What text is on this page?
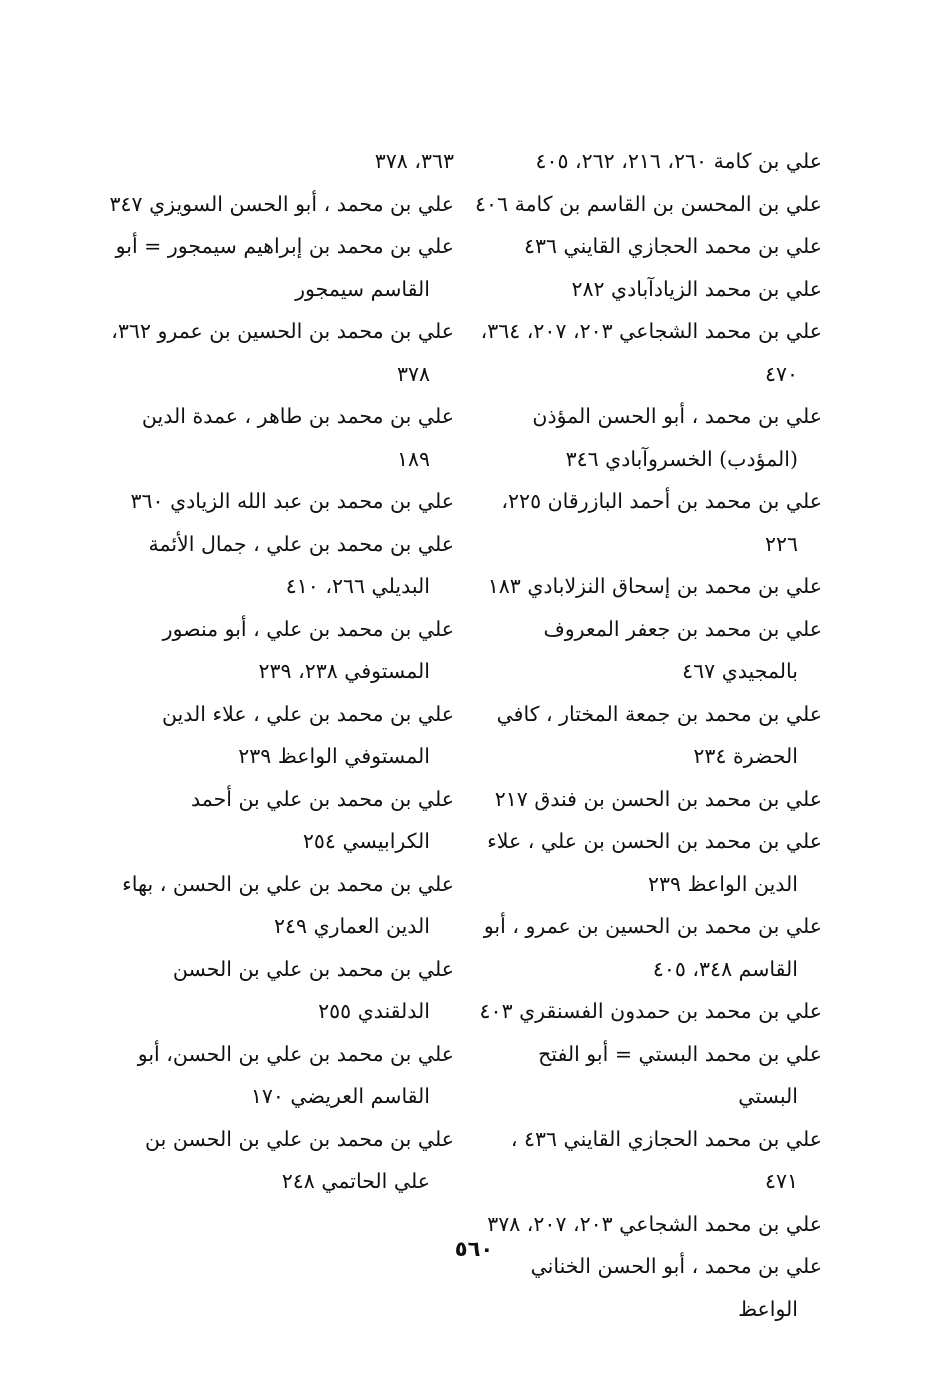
علي بن كامة ٢٦٠، ٢١٦، ٢٦٢، ٤٠٥
علي بن المحسن بن القاسم بن كامة ٤٠٦
علي بن محمد الحجازي القايني ٤٣٦
علي بن محمد الزيادآبادي ٢٨٢
علي بن محمد الشجاعي ٢٠٣، ٢٠٧، ٣٦٤، ٤٧٠
علي بن محمد ، أبو الحسن المؤذن (المؤدب) الخسروآبادي ٣٤٦
علي بن محمد بن أحمد البازرقان ٢٢٥، ٢٢٦
علي بن محمد بن إسحاق النزلابادي ١٨٣
علي بن محمد بن جعفر المعروف بالمجيدي ٤٦٧
علي بن محمد بن جمعة المختار ، كافي الحضرة ٢٣٤
علي بن محمد بن الحسن بن فندق ٢١٧
علي بن محمد بن الحسن بن علي ، علاء الدين الواعظ ٢٣٩
علي بن محمد بن الحسين بن عمرو ، أبو القاسم ٣٤٨، ٤٠٥
علي بن محمد بن حمدون الفسنقري ٤٠٣
علي بن محمد البستي = أبو الفتح البستي
علي بن محمد الحجازي القايني ٤٣٦ ، ٤٧١
علي بن محمد الشجاعي ٢٠٣، ٢٠٧، ٣٧٨
علي بن محمد ، أبو الحسن الخناني الواعظ
٣٦٣، ٣٧٨
علي بن محمد ، أبو الحسن السويزي ٣٤٧
علي بن محمد بن إبراهيم سيمجور = أبو القاسم سيمجور
علي بن محمد بن الحسين بن عمرو ٣٦٢، ٣٧٨
علي بن محمد بن طاهر ، عمدة الدين ١٨٩
علي بن محمد بن عبد الله الزيادي ٣٦٠
علي بن محمد بن علي ، جمال الأئمة البديلي ٢٦٦، ٤١٠
علي بن محمد بن علي ، أبو منصور المستوفي ٢٣٨، ٢٣٩
علي بن محمد بن علي ، علاء الدين المستوفي الواعظ ٢٣٩
علي بن محمد بن علي بن أحمد الكرابيسي ٢٥٤
علي بن محمد بن علي بن الحسن ، بهاء الدين العماري ٢٤٩
علي بن محمد بن علي بن الحسن الدلقندي ٢٥٥
علي بن محمد بن علي بن الحسن، أبو القاسم العريضي ١٧٠
علي بن محمد بن علي بن الحسن بن علي الحاتمي ٢٤٨
٥٦٠
